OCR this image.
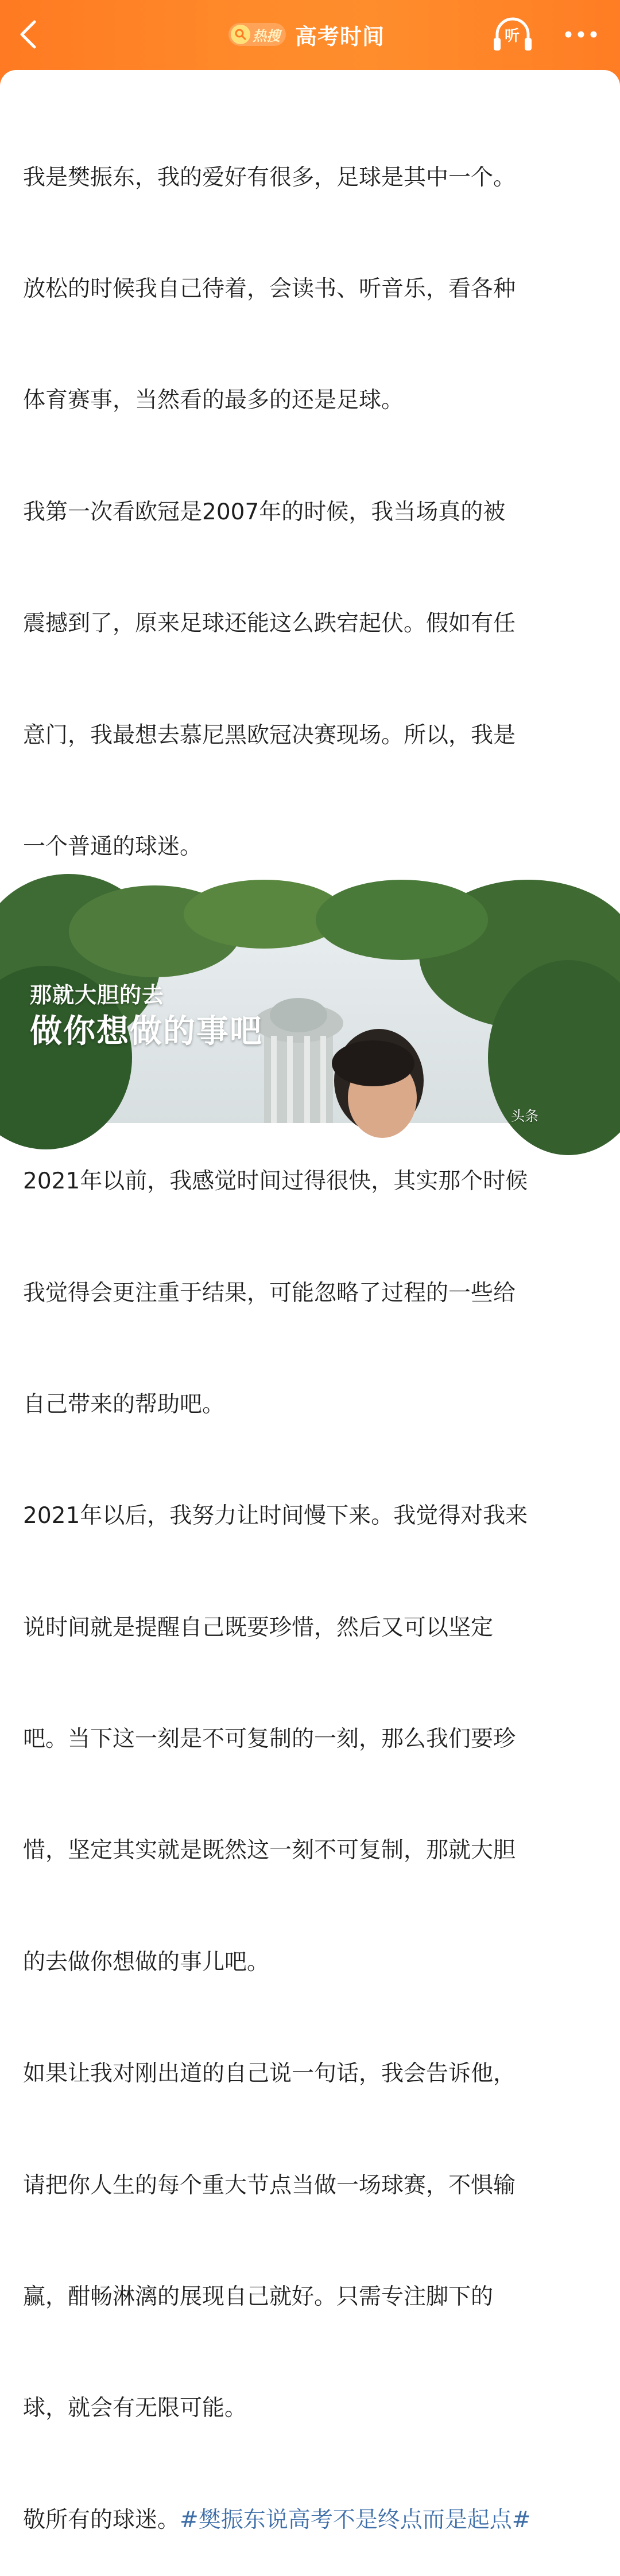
热搜 高考时间	听

我是樊振东，我的爱好有很多，足球是其中一个。

放松的时候我自己待着，会读书、听音乐，看各种

体育赛事，当然看的最多的还是足球。

我第一次看欧冠是2007年的时候，我当场真的被

震撼到了，原来足球还能这么跌宕起伏。假如有任

意门，我最想去慕尼黑欧冠决赛现场。所以，我是

一个普通的球迷。

2021年以前，我感觉时间过得很快，其实那个时候

我觉得会更注重于结果，可能忽略了过程的一些给

自己带来的帮助吧。

2021年以后，我努力让时间慢下来。我觉得对我来

说时间就是提醒自己既要珍惜，然后又可以坚定

吧。当下这一刻是不可复制的一刻，那么我们要珍

惜，坚定其实就是既然这一刻不可复制，那就大胆

的去做你想做的事儿吧。

如果让我对刚出道的自己说一句话，我会告诉他，

请把你人生的每个重大节点当做一场球赛，不惧输

赢，酣畅淋漓的展现自己就好。只需专注脚下的

球，就会有无限可能。

敬所有的球迷。#樊振东说高考不是终点而是起点#

那就大胆的去
做你想做的事吧
头条
